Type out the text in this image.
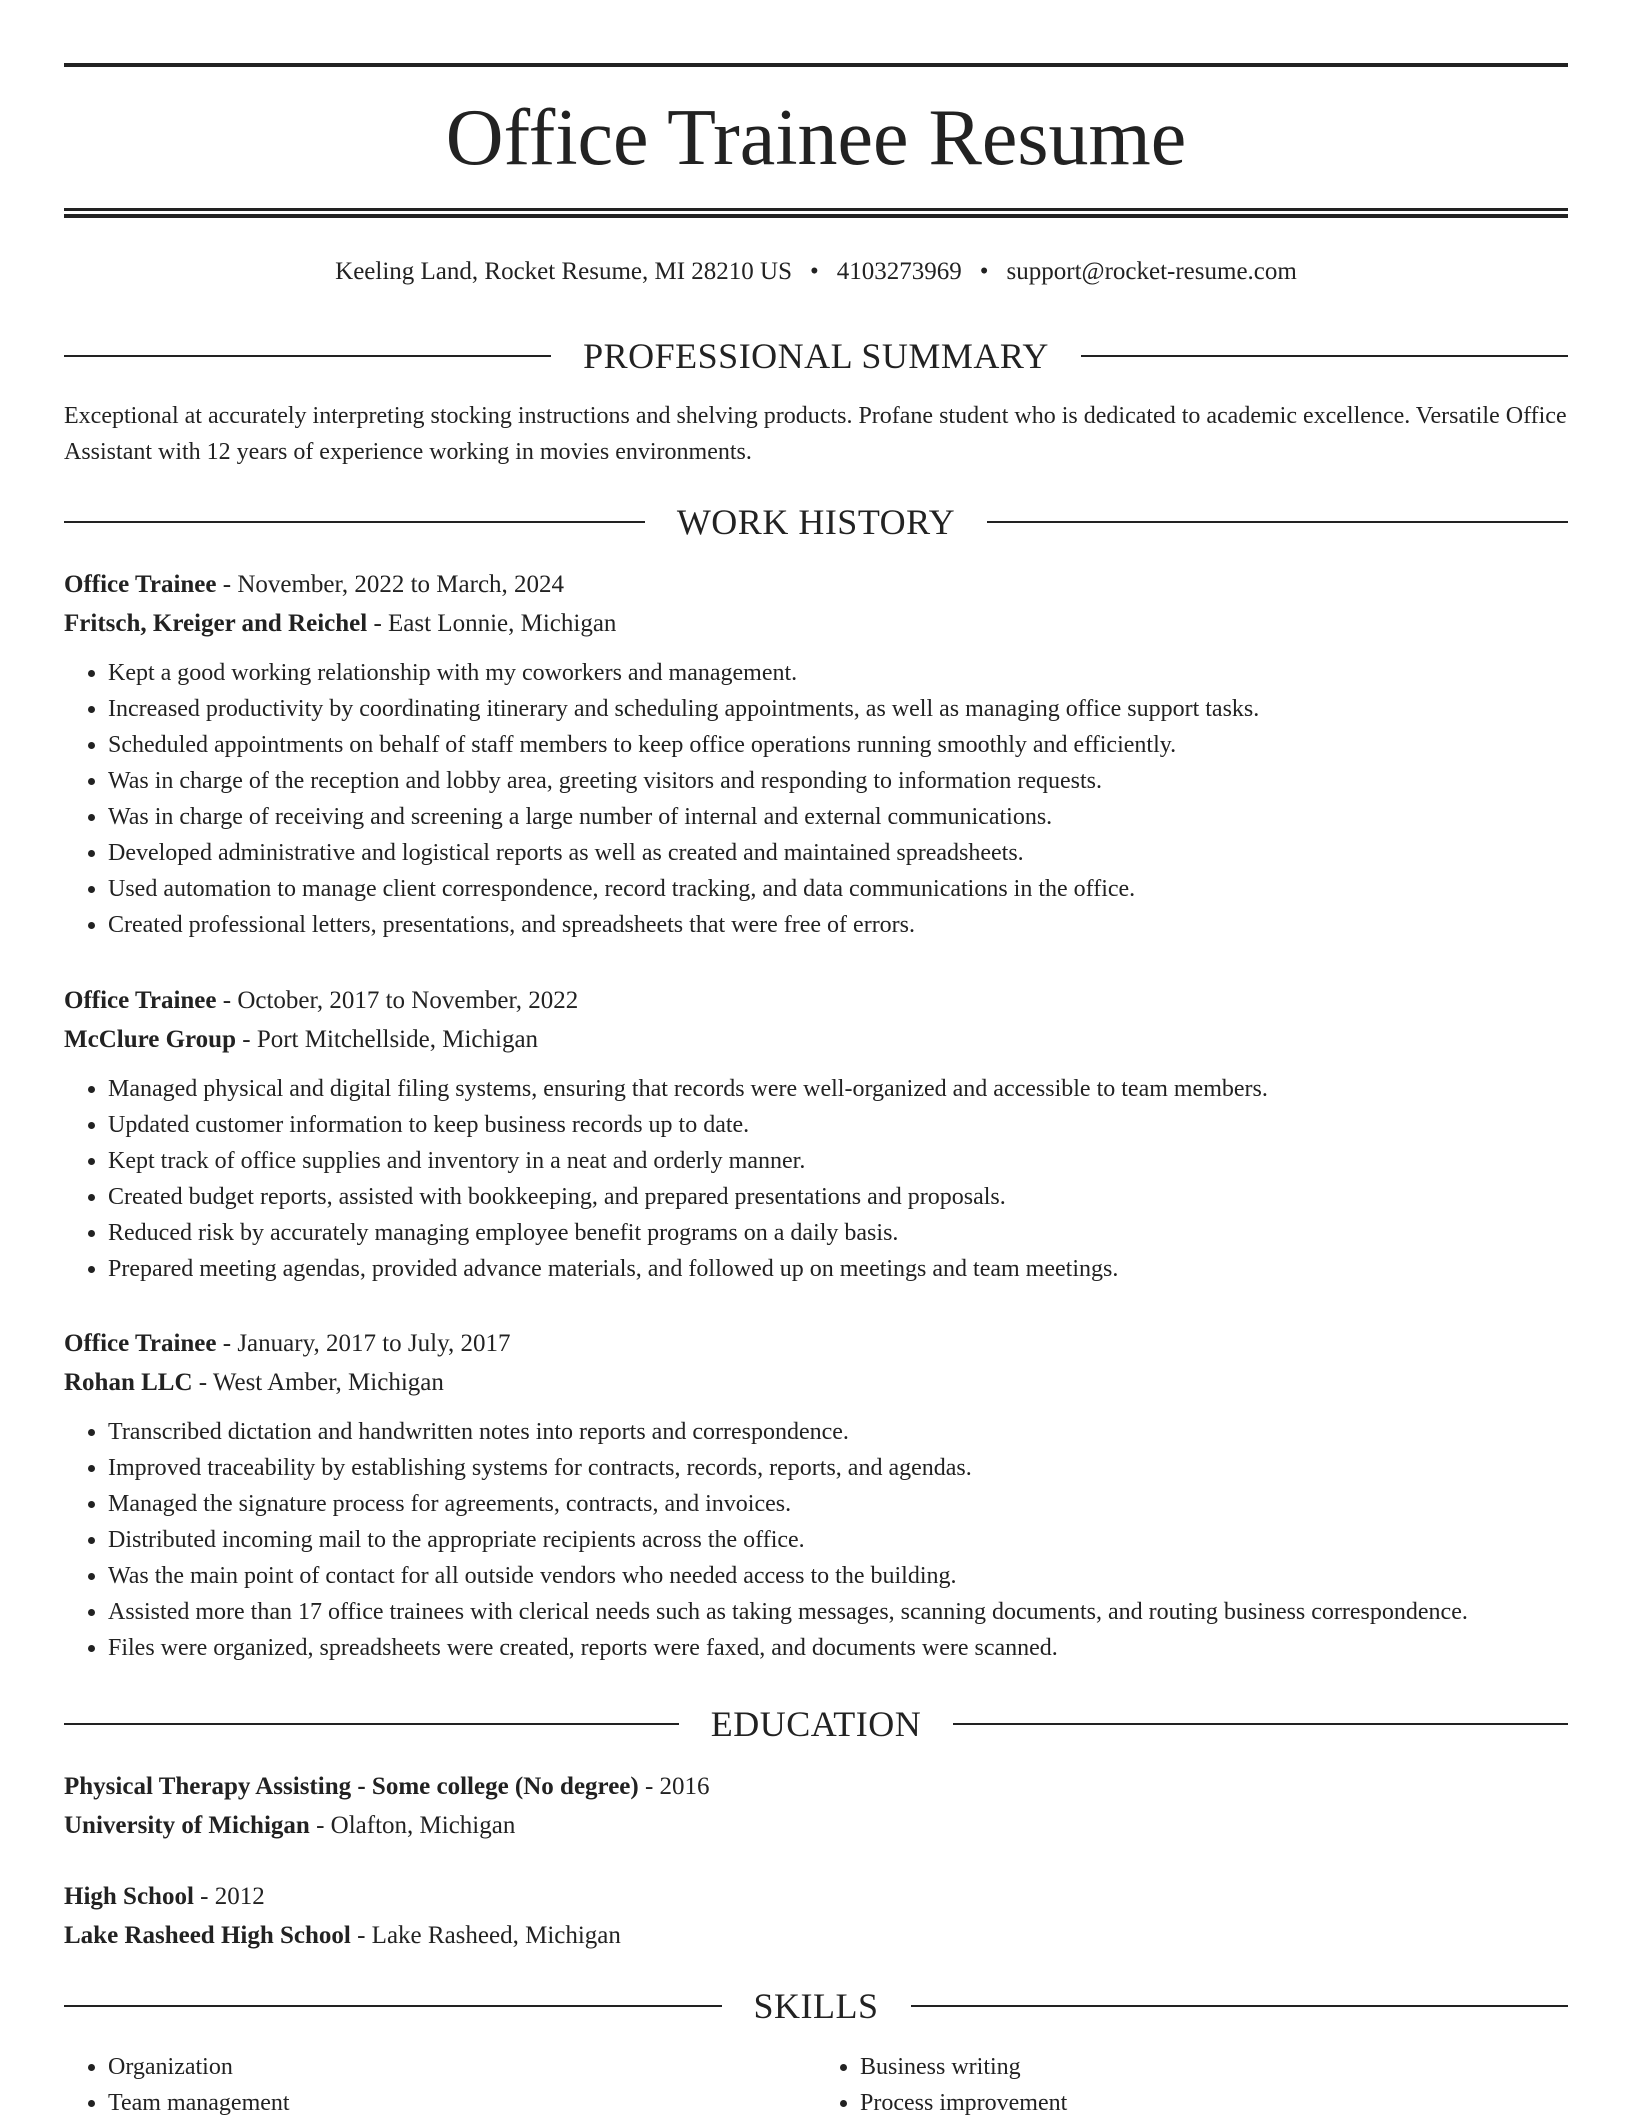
Office Trainee Resume
Keeling Land, Rocket Resume, MI 28210 US • 4103273969 • support@rocket-resume.com
PROFESSIONAL SUMMARY
Exceptional at accurately interpreting stocking instructions and shelving products. Profane student who is dedicated to academic excellence. Versatile Office Assistant with 12 years of experience working in movies environments.
WORK HISTORY
Office Trainee - November, 2022 to March, 2024
Fritsch, Kreiger and Reichel - East Lonnie, Michigan
• Kept a good working relationship with my coworkers and management.
• Increased productivity by coordinating itinerary and scheduling appointments, as well as managing office support tasks.
• Scheduled appointments on behalf of staff members to keep office operations running smoothly and efficiently.
• Was in charge of the reception and lobby area, greeting visitors and responding to information requests.
• Was in charge of receiving and screening a large number of internal and external communications.
• Developed administrative and logistical reports as well as created and maintained spreadsheets.
• Used automation to manage client correspondence, record tracking, and data communications in the office.
• Created professional letters, presentations, and spreadsheets that were free of errors.
Office Trainee - October, 2017 to November, 2022
McClure Group - Port Mitchellside, Michigan
• Managed physical and digital filing systems, ensuring that records were well-organized and accessible to team members.
• Updated customer information to keep business records up to date.
• Kept track of office supplies and inventory in a neat and orderly manner.
• Created budget reports, assisted with bookkeeping, and prepared presentations and proposals.
• Reduced risk by accurately managing employee benefit programs on a daily basis.
• Prepared meeting agendas, provided advance materials, and followed up on meetings and team meetings.
Office Trainee - January, 2017 to July, 2017
Rohan LLC - West Amber, Michigan
• Transcribed dictation and handwritten notes into reports and correspondence.
• Improved traceability by establishing systems for contracts, records, reports, and agendas.
• Managed the signature process for agreements, contracts, and invoices.
• Distributed incoming mail to the appropriate recipients across the office.
• Was the main point of contact for all outside vendors who needed access to the building.
• Assisted more than 17 office trainees with clerical needs such as taking messages, scanning documents, and routing business correspondence.
• Files were organized, spreadsheets were created, reports were faxed, and documents were scanned.
EDUCATION
Physical Therapy Assisting - Some college (No degree) - 2016
University of Michigan - Olafton, Michigan
High School - 2012
Lake Rasheed High School - Lake Rasheed, Michigan
SKILLS
• Organization
• Team management
• Business writing
• Process improvement
